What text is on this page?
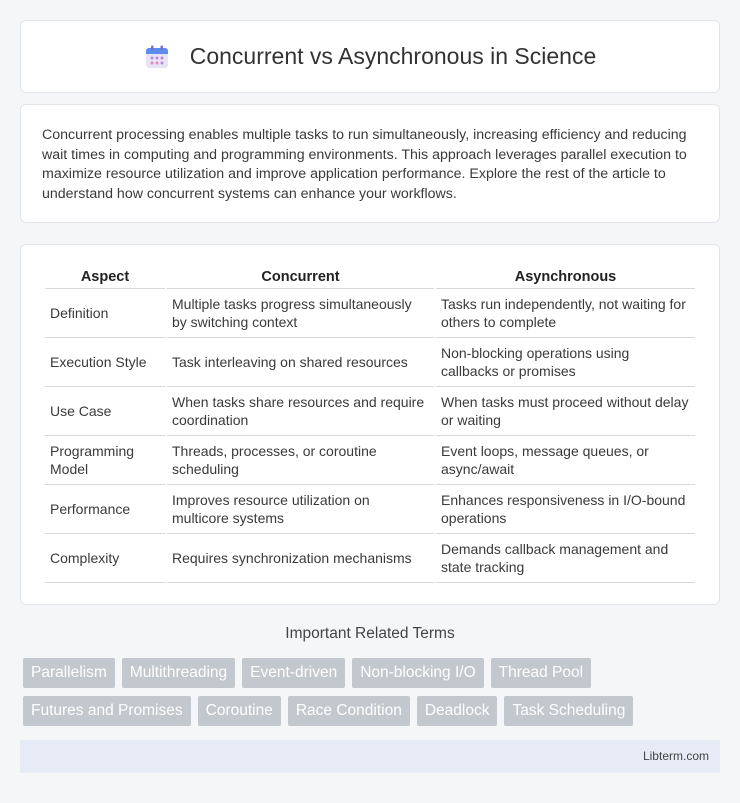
Concurrent vs Asynchronous in Science

Concurrent processing enables multiple tasks to run simultaneously, increasing efficiency and reducing wait times in computing and programming environments. This approach leverages parallel execution to maximize resource utilization and improve application performance. Explore the rest of the article to understand how concurrent systems can enhance your workflows.

Aspect	Concurrent	Asynchronous
Definition	Multiple tasks progress simultaneously by switching context	Tasks run independently, not waiting for others to complete
Execution Style	Task interleaving on shared resources	Non-blocking operations using callbacks or promises
Use Case	When tasks share resources and require coordination	When tasks must proceed without delay or waiting
Programming Model	Threads, processes, or coroutine scheduling	Event loops, message queues, or async/await
Performance	Improves resource utilization on multicore systems	Enhances responsiveness in I/O-bound operations
Complexity	Requires synchronization mechanisms	Demands callback management and state tracking
Important Related Terms
Parallelism	Multithreading	Event-driven	Non-blocking I/O	Thread Pool
Futures and Promises	Coroutine	Race Condition	Deadlock	Task Scheduling
Libterm.com
